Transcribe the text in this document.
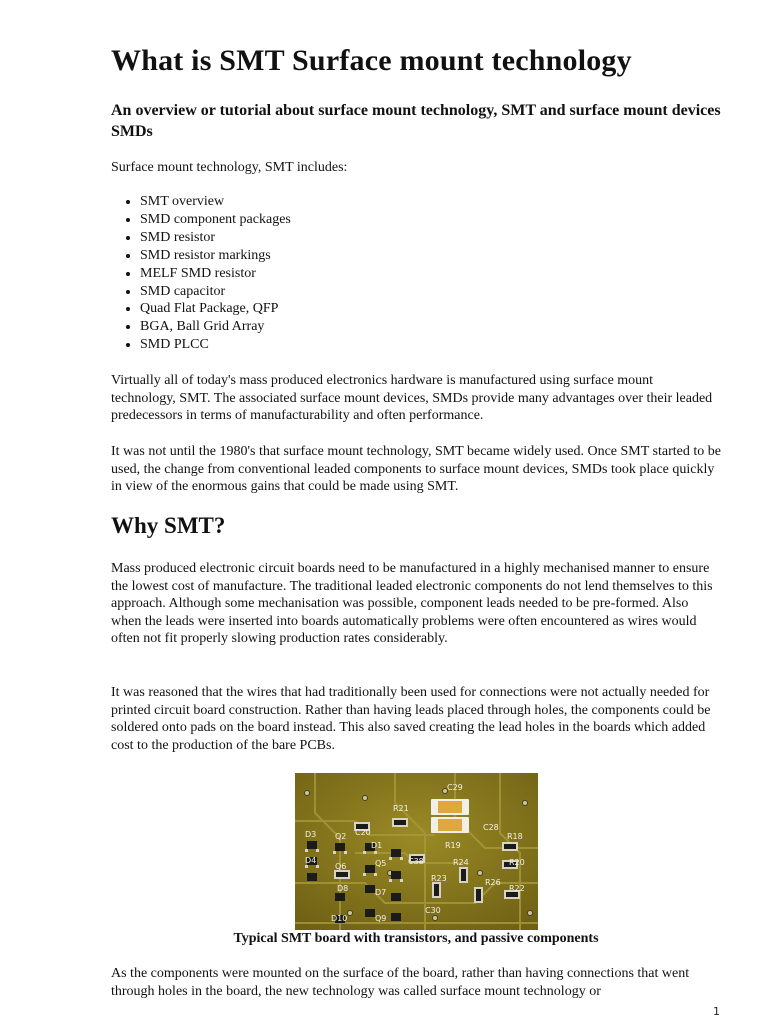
What is SMT Surface mount technology

An overview or tutorial about surface mount technology, SMT and surface mount devices SMDs

Surface mount technology, SMT includes:

• SMT overview
• SMD component packages
• SMD resistor
• SMD resistor markings
• MELF SMD resistor
• SMD capacitor
• Quad Flat Package, QFP
• BGA, Ball Grid Array
• SMD PLCC

Virtually all of today's mass produced electronics hardware is manufactured using surface mount technology, SMT. The associated surface mount devices, SMDs provide many advantages over their leaded predecessors in terms of manufacturability and often performance.

It was not until the 1980's that surface mount technology, SMT became widely used. Once SMT started to be used, the change from conventional leaded components to surface mount devices, SMDs took place quickly in view of the enormous gains that could be made using SMT.

Why SMT?

Mass produced electronic circuit boards need to be manufactured in a highly mechanised manner to ensure the lowest cost of manufacture. The traditional leaded electronic components do not lend themselves to this approach. Although some mechanisation was possible, component leads needed to be pre-formed. Also when the leads were inserted into boards automatically problems were often encountered as wires would often not fit properly slowing production rates considerably.

It was reasoned that the wires that had traditionally been used for connections were not actually needed for printed circuit board construction. Rather than having leads placed through holes, the components could be soldered onto pads on the board instead. This also saved creating the lead holes in the boards which added cost to the production of the bare PCBs.

C29
R21
C28
D3 Q2 C20
D1
R18
R19
Q5	C38	R24	R20
D4
Q6
R23
R22
R26
D8	D7
D10	Q9
C30

Typical SMT board with transistors, and passive components

As the components were mounted on the surface of the board, rather than having connections that went through holes in the board, the new technology was called surface mount technology or

1
